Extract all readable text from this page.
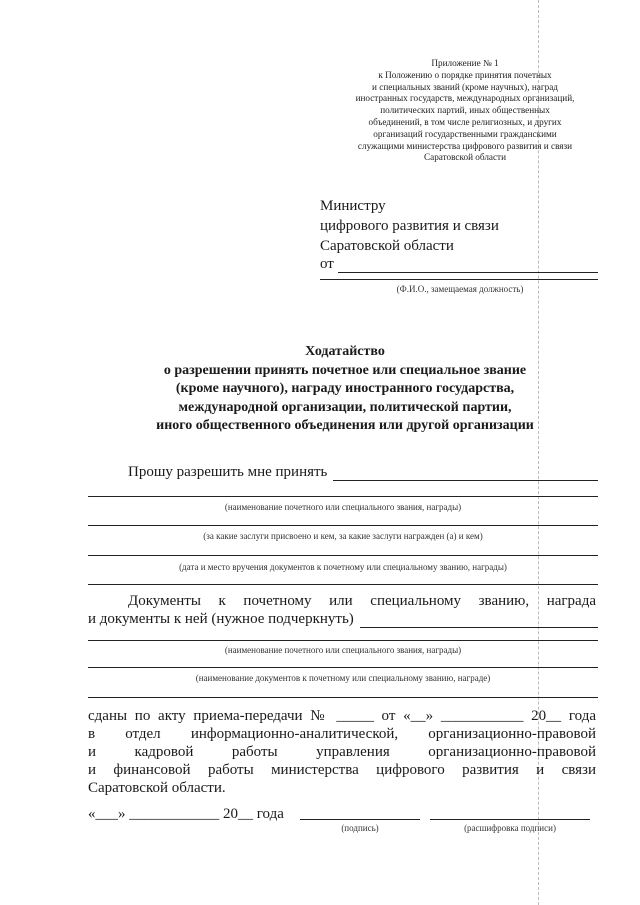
Приложение № 1
к Положению о порядке принятия почетных
и специальных званий (кроме научных), наград
иностранных государств, международных организаций,
политических партий, иных общественных
объединений, в том числе религиозных, и других
организаций государственными гражданскими
служащими министерства цифрового развития и связи
Саратовской области
Министру
цифрового развития и связи
Саратовской области
от
(Ф.И.О., замещаемая должность)
Ходатайство
о разрешении принять почетное или специальное звание
(кроме научного), награду иностранного государства,
международной организации, политической партии,
иного общественного объединения или другой организации
Прошу разрешить мне принять
(наименование почетного или специального звания, награды)
(за какие заслуги присвоено и кем, за какие заслуги награжден (а) и кем)
(дата и место вручения документов к почетному или специальному званию, награды)
Документы к почетному или специальному званию, награда
и документы к ней (нужное подчеркнуть)
(наименование почетного или специального звания, награды)
(наименование документов к почетному или специальному званию, награде)
сданы по акту приема-передачи № _____ от «__» ___________ 20__ года
в отдел информационно-аналитической, организационно-правовой
и кадровой работы управления организационно-правовой
и финансовой работы министерства цифрового развития и связи
Саратовской области.
«___» ____________ 20__ года
(подпись)	(расшифровка подписи)
